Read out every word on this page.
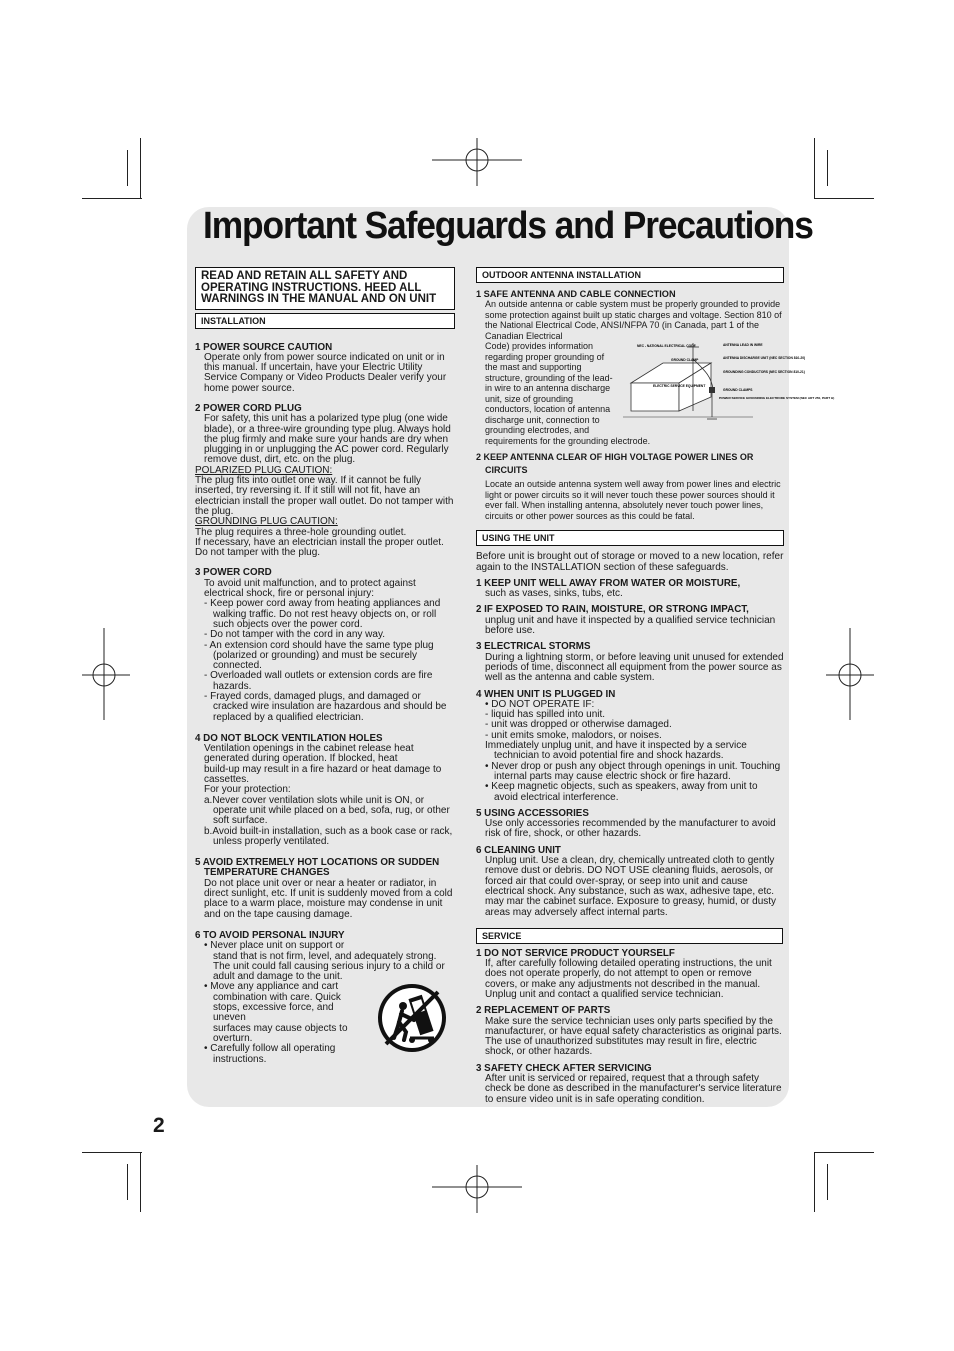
Important Safeguards and Precautions
READ AND RETAIN ALL SAFETY AND OPERATING INSTRUCTIONS. HEED ALL WARNINGS IN THE MANUAL AND ON UNIT
INSTALLATION
1 POWER SOURCE CAUTION

Operate only from power source indicated on unit or in this manual. If uncertain, have your Electric Utility Service Company or Video Products Dealer verify your home power source.

2 POWER CORD PLUG

For safety, this unit has a polarized type plug (one wide blade), or a three-wire grounding type plug. Always hold the plug firmly and make sure your hands are dry when plugging in or unplugging the AC power cord. Regularly remove dust, dirt, etc. on the plug.

POLARIZED PLUG CAUTION:

The plug fits into outlet one way. If it cannot be fully inserted, try reversing it. If it still will not fit, have an electrician install the proper wall outlet. Do not tamper with the plug.

GROUNDING PLUG CAUTION:

The plug requires a three-hole grounding outlet.

If necessary, have an electrician install the proper outlet. Do not tamper with the plug.

3 POWER CORD

To avoid unit malfunction, and to protect against electrical shock, fire or personal injury:

- Keep power cord away from heating appliances and walking traffic. Do not rest heavy objects on, or roll such objects over the power cord.

- Do not tamper with the cord in any way.

- An extension cord should have the same type plug (polarized or grounding) and must be securely connected.

- Overloaded wall outlets or extension cords are fire hazards.

- Frayed cords, damaged plugs, and damaged or cracked wire insulation are hazardous and should be replaced by a qualified electrician.

4 DO NOT BLOCK VENTILATION HOLES

Ventilation openings in the cabinet release heat generated during operation. If blocked, heat

build-up may result in a fire hazard or heat damage to cassettes.

For your protection:

a.Never cover ventilation slots while unit is ON, or operate unit while placed on a bed, sofa, rug, or other soft surface.

b.Avoid built-in installation, such as a book case or rack, unless properly ventilated.

5 AVOID EXTREMELY HOT LOCATIONS OR SUDDEN TEMPERATURE CHANGES

Do not place unit over or near a heater or radiator, in direct sunlight, etc. If unit is suddenly moved from a cold place to a warm place, moisture may condense in unit and on the tape causing damage.

6 TO AVOID PERSONAL INJURY

• Never place unit on support or

stand that is not firm, level, and adequately strong. The unit could fall causing serious injury to a child or adult and damage to the unit.

• Move any appliance and cart combination with care. Quick stops, excessive force, and uneven

surfaces may cause objects to overturn.

• Carefully follow all operating instructions.

OUTDOOR ANTENNA INSTALLATION
1 SAFE ANTENNA AND CABLE CONNECTION

An outside antenna or cable system must be properly grounded to provide some protection against built up static charges and voltage. Section 810 of the National Electrical Code, ANSI/NFPA 70 (in Canada, part 1 of the Canadian Electrical

Code) provides information regarding proper grounding of the mast and supporting structure, grounding of the lead-in wire to an antenna discharge unit, size of grounding conductors, location of antenna discharge unit, connection to grounding electrodes, and

requirements for the grounding electrode.

2 KEEP ANTENNA CLEAR OF HIGH VOLTAGE POWER LINES OR CIRCUITS

Locate an outside antenna system well away from power lines and electric light or power circuits so it will never touch these power sources should it ever fall. When installing antenna, absolutely never touch power lines, circuits or other power sources as this could be fatal.

USING THE UNIT

Before unit is brought out of storage or moved to a new location, refer again to the INSTALLATION section of these safeguards.

1 KEEP UNIT WELL AWAY FROM WATER OR MOISTURE,

such as vases, sinks, tubs, etc.

2 IF EXPOSED TO RAIN, MOISTURE, OR STRONG IMPACT,

unplug unit and have it inspected by a qualified service technician before use.

3 ELECTRICAL STORMS

During a lightning storm, or before leaving unit unused for extended periods of time, disconnect all equipment from the power source as well as the antenna and cable system.

4 WHEN UNIT IS PLUGGED IN

• DO NOT OPERATE IF:

- liquid has spilled into unit.

- unit was dropped or otherwise damaged.

- unit emits smoke, malodors, or noises.

Immediately unplug unit, and have it inspected by a service technician to avoid potential fire and shock hazards.

• Never drop or push any object through openings in unit. Touching internal parts may cause electric shock or fire hazard.

• Keep magnetic objects, such as speakers, away from unit to avoid electrical interference.

5 USING ACCESSORIES

Use only accessories recommended by the manufacturer to avoid risk of fire, shock, or other hazards.

6 CLEANING UNIT

Unplug unit. Use a clean, dry, chemically untreated cloth to gently remove dust or debris. DO NOT USE cleaning fluids, aerosols, or forced air that could over-spray, or seep into unit and cause electrical shock. Any substance, such as wax, adhesive tape, etc. may mar the cabinet surface. Exposure to greasy, humid, or dusty areas may adversely affect internal parts.

SERVICE
1 DO NOT SERVICE PRODUCT YOURSELF

If, after carefully following detailed operating instructions, the unit does not operate properly, do not attempt to open or remove covers, or make any adjustments not described in the manual. Unplug unit and contact a qualified service technician.

2 REPLACEMENT OF PARTS

Make sure the service technician uses only parts specified by the manufacturer, or have equal safety characteristics as original parts. The use of unauthorized substitutes may result in fire, electric shock, or other hazards.

3 SAFETY CHECK AFTER SERVICING

After unit is serviced or repaired, request that a through safety check be done as described in the manufacturer's service literature to ensure video unit is in safe operating condition.

NEC - NATIONAL ELECTRICAL CODE
GROUND CLAMP
ELECTRIC SERVICE EQUIPMENT
ANTENNA LEAD IN WIRE
ANTENNA DISCHARGE UNIT (NEC SECTION 810-20)
GROUNDING CONDUCTORS (NEC SECTION 810-21)
GROUND CLAMPS
POWER SERVICE GROUNDING ELECTRODE SYSTEM (NEC ART 250, PART H)
2
